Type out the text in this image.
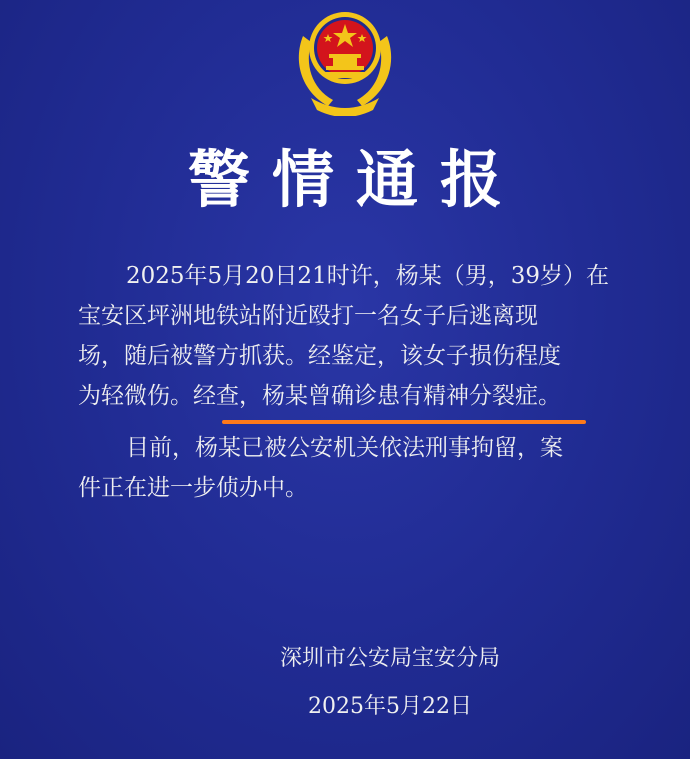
警情通报
2025年5月20日21时许，杨某（男，39岁）在
宝安区坪洲地铁站附近殴打一名女子后逃离现
场，随后被警方抓获。经鉴定，该女子损伤程度
为轻微伤。经查，杨某曾确诊患有精神分裂症。
目前，杨某已被公安机关依法刑事拘留，案
件正在进一步侦办中。
深圳市公安局宝安分局
2025年5月22日
